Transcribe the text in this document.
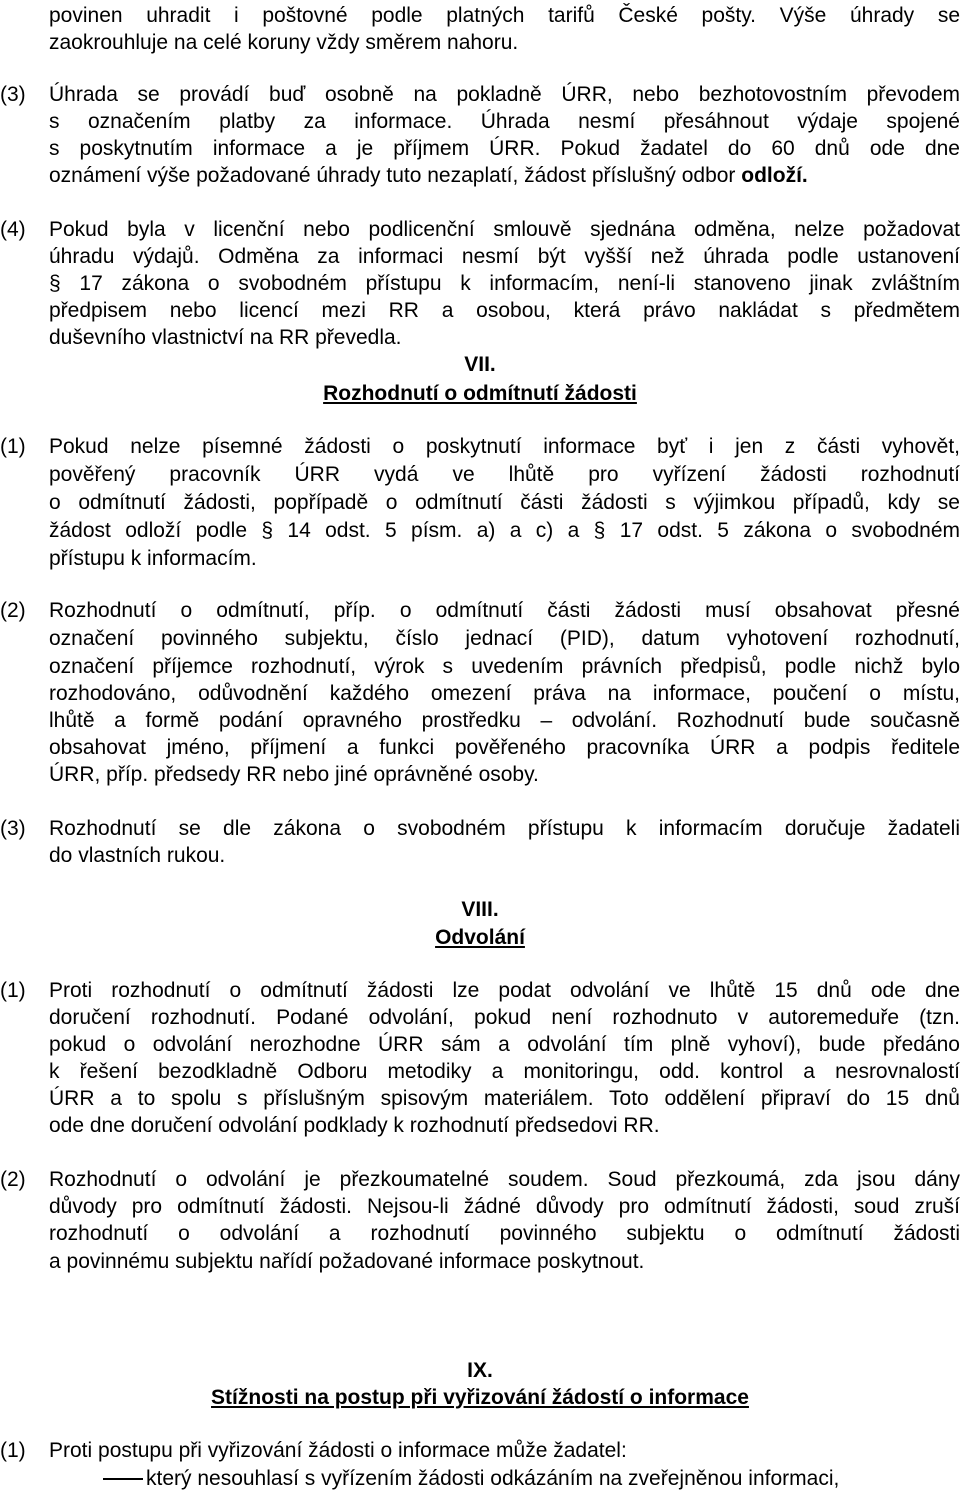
povinen uhradit i poštovné podle platných tarifů České pošty. Výše úhrady se
zaokrouhluje na celé koruny vždy směrem nahoru.
(3) Úhrada se provádí buď osobně na pokladně ÚRR, nebo bezhotovostním převodem
s označením platby za informace. Úhrada nesmí přesáhnout výdaje spojené
s poskytnutím informace a je příjmem ÚRR. Pokud žadatel do 60 dnů ode dne
oznámení výše požadované úhrady tuto nezaplatí, žádost příslušný odbor odloží.
(4) Pokud byla v licenční nebo podlicenční smlouvě sjednána odměna, nelze požadovat
úhradu výdajů. Odměna za informaci nesmí být vyšší než úhrada podle ustanovení
§ 17 zákona o svobodném přístupu k informacím, není-li stanoveno jinak zvláštním
předpisem nebo licencí mezi RR a osobou, která právo nakládat s předmětem
duševního vlastnictví na RR převedla.
VII.
Rozhodnutí o odmítnutí žádosti
(1) Pokud nelze písemné žádosti o poskytnutí informace byť i jen z části vyhovět,
pověřený pracovník ÚRR vydá ve lhůtě pro vyřízení žádosti rozhodnutí
o odmítnutí žádosti, popřípadě o odmítnutí části žádosti s výjimkou případů, kdy se
žádost odloží podle § 14 odst. 5 písm. a) a c) a § 17 odst. 5 zákona o svobodném
přístupu k informacím.
(2) Rozhodnutí o odmítnutí, příp. o odmítnutí části žádosti musí obsahovat přesné
označení povinného subjektu, číslo jednací (PID), datum vyhotovení rozhodnutí,
označení příjemce rozhodnutí, výrok s uvedením právních předpisů, podle nichž bylo
rozhodováno, odůvodnění každého omezení práva na informace, poučení o místu,
lhůtě a formě podání opravného prostředku – odvolání. Rozhodnutí bude současně
obsahovat jméno, příjmení a funkci pověřeného pracovníka ÚRR a podpis ředitele
ÚRR, příp. předsedy RR nebo jiné oprávněné osoby.
(3) Rozhodnutí se dle zákona o svobodném přístupu k informacím doručuje žadateli
do vlastních rukou.
VIII.
Odvolání
(1) Proti rozhodnutí o odmítnutí žádosti lze podat odvolání ve lhůtě 15 dnů ode dne
doručení rozhodnutí. Podané odvolání, pokud není rozhodnuto v autoremeduře (tzn.
pokud o odvolání nerozhodne ÚRR sám a odvolání tím plně vyhoví), bude předáno
k řešení bezodkladně Odboru metodiky a monitoringu, odd. kontrol a nesrovnalostí
ÚRR a to spolu s příslušným spisovým materiálem. Toto oddělení připraví do 15 dnů
ode dne doručení odvolání podklady k rozhodnutí předsedovi RR.
(2) Rozhodnutí o odvolání je přezkoumatelné soudem. Soud přezkoumá, zda jsou dány
důvody pro odmítnutí žádosti. Nejsou-li žádné důvody pro odmítnutí žádosti, soud zruší
rozhodnutí o odvolání a rozhodnutí povinného subjektu o odmítnutí žádosti
a povinnému subjektu nařídí požadované informace poskytnout.
IX.
Stížnosti na postup při vyřizování žádostí o informace
(1) Proti postupu při vyřizování žádosti o informace může žadatel:
který nesouhlasí s vyřízením žádosti odkázáním na zveřejněnou informaci,
